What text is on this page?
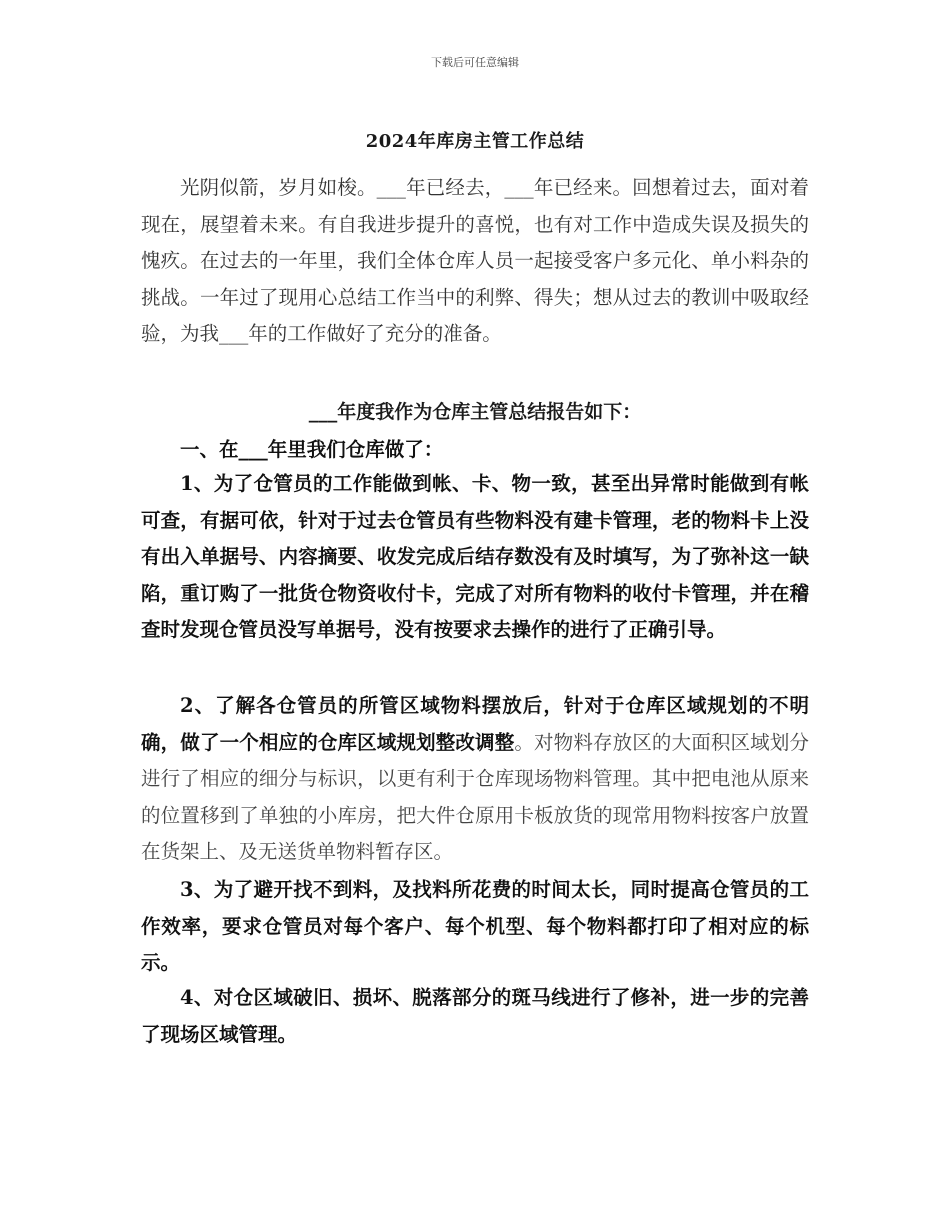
下载后可任意编辑
2024年库房主管工作总结

光阴似箭，岁月如梭。___年已经去，___年已经来。回想着过去，面对着现在，展望着未来。有自我进步提升的喜悦，也有对工作中造成失误及损失的愧疚。在过去的一年里，我们全体仓库人员一起接受客户多元化、单小料杂的挑战。一年过了现用心总结工作当中的利弊、得失；想从过去的教训中吸取经验，为我___年的工作做好了充分的准备。

___年度我作为仓库主管总结报告如下：

一、在___年里我们仓库做了：

1、为了仓管员的工作能做到帐、卡、物一致，甚至出异常时能做到有帐可查，有据可依，针对于过去仓管员有些物料没有建卡管理，老的物料卡上没有出入单据号、内容摘要、收发完成后结存数没有及时填写，为了弥补这一缺陷，重订购了一批货仓物资收付卡，完成了对所有物料的收付卡管理，并在稽查时发现仓管员没写单据号，没有按要求去操作的进行了正确引导。

2、了解各仓管员的所管区域物料摆放后，针对于仓库区域规划的不明确，做了一个相应的仓库区域规划整改调整。对物料存放区的大面积区域划分进行了相应的细分与标识，以更有利于仓库现场物料管理。其中把电池从原来的位置移到了单独的小库房，把大件仓原用卡板放货的现常用物料按客户放置在货架上、及无送货单物料暂存区。

3、为了避开找不到料，及找料所花费的时间太长，同时提高仓管员的工作效率，要求仓管员对每个客户、每个机型、每个物料都打印了相对应的标示。

4、对仓区域破旧、损坏、脱落部分的斑马线进行了修补，进一步的完善了现场区域管理。
